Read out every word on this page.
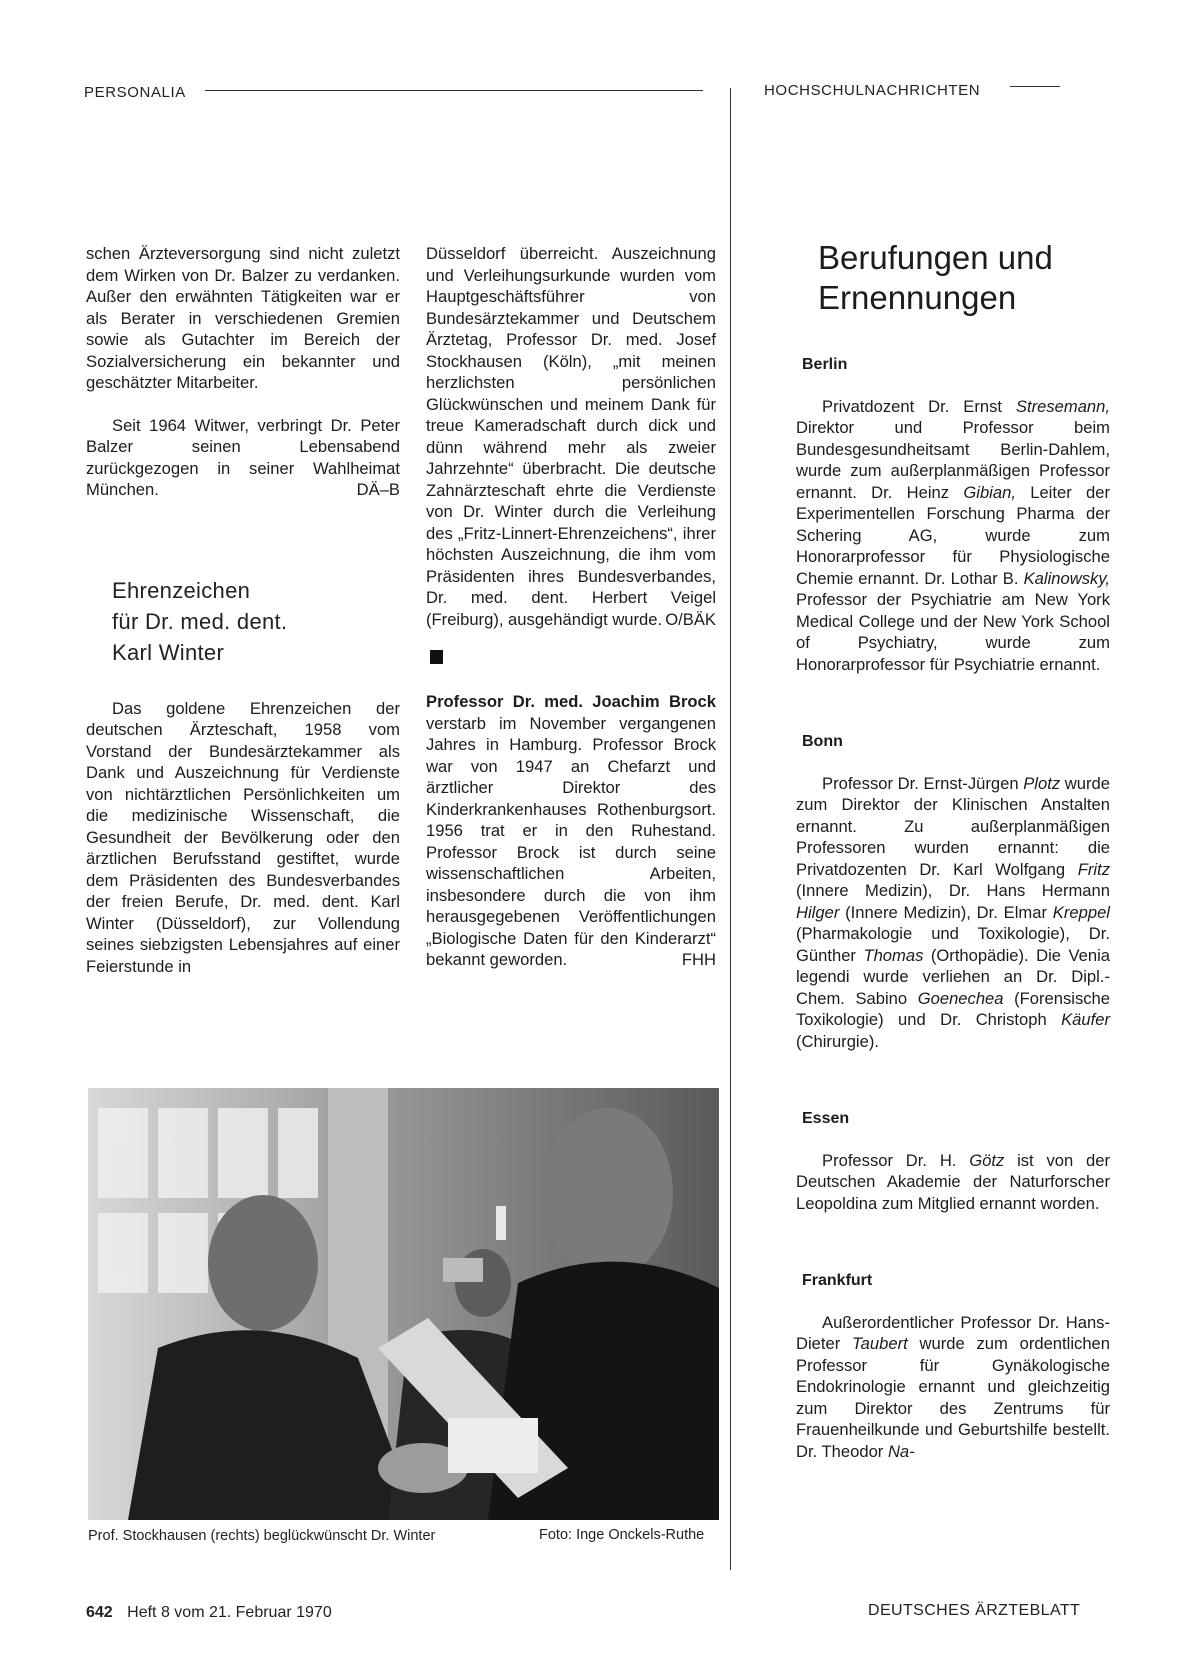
PERSONALIA	HOCHSCHULNACHRICHTEN

schen Ärzteversorgung sind nicht zuletzt dem Wirken von Dr. Balzer zu verdanken. Außer den erwähnten Tätigkeiten war er als Berater in verschiedenen Gremien sowie als Gutachter im Bereich der Sozialversicherung ein bekannter und geschätzter Mitarbeiter.

Seit 1964 Witwer, verbringt Dr. Peter Balzer seinen Lebensabend zurückgezogen in seiner Wahlheimat München.	DÄ–B

Ehrenzeichen
für Dr. med. dent.
Karl Winter

Das goldene Ehrenzeichen der deutschen Ärzteschaft, 1958 vom Vorstand der Bundesärztekammer als Dank und Auszeichnung für Verdienste von nichtärztlichen Persönlichkeiten um die medizinische Wissenschaft, die Gesundheit der Bevölkerung oder den ärztlichen Berufsstand gestiftet, wurde dem Präsidenten des Bundesverbandes der freien Berufe, Dr. med. dent. Karl Winter (Düsseldorf), zur Vollendung seines siebzigsten Lebensjahres auf einer Feierstunde in

Düsseldorf überreicht. Auszeichnung und Verleihungsurkunde wurden vom Hauptgeschäftsführer von Bundesärztekammer und Deutschem Ärztetag, Professor Dr. med. Josef Stockhausen (Köln), „mit meinen herzlichsten persönlichen Glückwünschen und meinem Dank für treue Kameradschaft durch dick und dünn während mehr als zweier Jahrzehnte“ überbracht. Die deutsche Zahnärzteschaft ehrte die Verdienste von Dr. Winter durch die Verleihung des „Fritz-Linnert-Ehrenzeichens“, ihrer höchsten Auszeichnung, die ihm vom Präsidenten ihres Bundesverbandes, Dr. med. dent. Herbert Veigel (Freiburg), ausgehändigt wurde. O/BÄK

Professor Dr. med. Joachim Brock verstarb im November vergangenen Jahres in Hamburg. Professor Brock war von 1947 an Chefarzt und ärztlicher Direktor des Kinderkrankenhauses Rothenburgsort. 1956 trat er in den Ruhestand. Professor Brock ist durch seine wissenschaftlichen Arbeiten, insbesondere durch die von ihm herausgegebenen Veröffentlichungen „Biologische Daten für den Kinderarzt“ bekannt geworden.	FHH

Berufungen und
Ernennungen
Berlin

Privatdozent Dr. Ernst Stresemann, Direktor und Professor beim Bundesgesundheitsamt Berlin-Dahlem, wurde zum außerplanmäßigen Professor ernannt. Dr. Heinz Gibian, Leiter der Experimentellen Forschung Pharma der Schering AG, wurde zum Honorarprofessor für Physiologische Chemie ernannt. Dr. Lothar B. Kalinowsky, Professor der Psychiatrie am New York Medical College und der New York School of Psychiatry, wurde zum Honorarprofessor für Psychiatrie ernannt.

Bonn

Professor Dr. Ernst-Jürgen Plotz wurde zum Direktor der Klinischen Anstalten ernannt. Zu außerplanmäßigen Professoren wurden ernannt: die Privatdozenten Dr. Karl Wolfgang Fritz (Innere Medizin), Dr. Hans Hermann Hilger (Innere Medizin), Dr. Elmar Kreppel (Pharmakologie und Toxikologie), Dr. Günther Thomas (Orthopädie). Die Venia legendi wurde verliehen an Dr. Dipl.-Chem. Sabino Goenechea (Forensische Toxikologie) und Dr. Christoph Käufer (Chirurgie).

Essen

Professor Dr. H. Götz ist von der Deutschen Akademie der Naturforscher Leopoldina zum Mitglied ernannt worden.

Frankfurt

Außerordentlicher Professor Dr. Hans-Dieter Taubert wurde zum ordentlichen Professor für Gynäkologische Endokrinologie ernannt und gleichzeitig zum Direktor des Zentrums für Frauenheilkunde und Geburtshilfe bestellt. Dr. Theodor Na-

Prof. Stockhausen (rechts) beglückwünscht Dr. Winter	Foto: Inge Onckels-Ruthe
642 Heft 8 vom 21. Februar 1970	DEUTSCHES ÄRZTEBLATT
